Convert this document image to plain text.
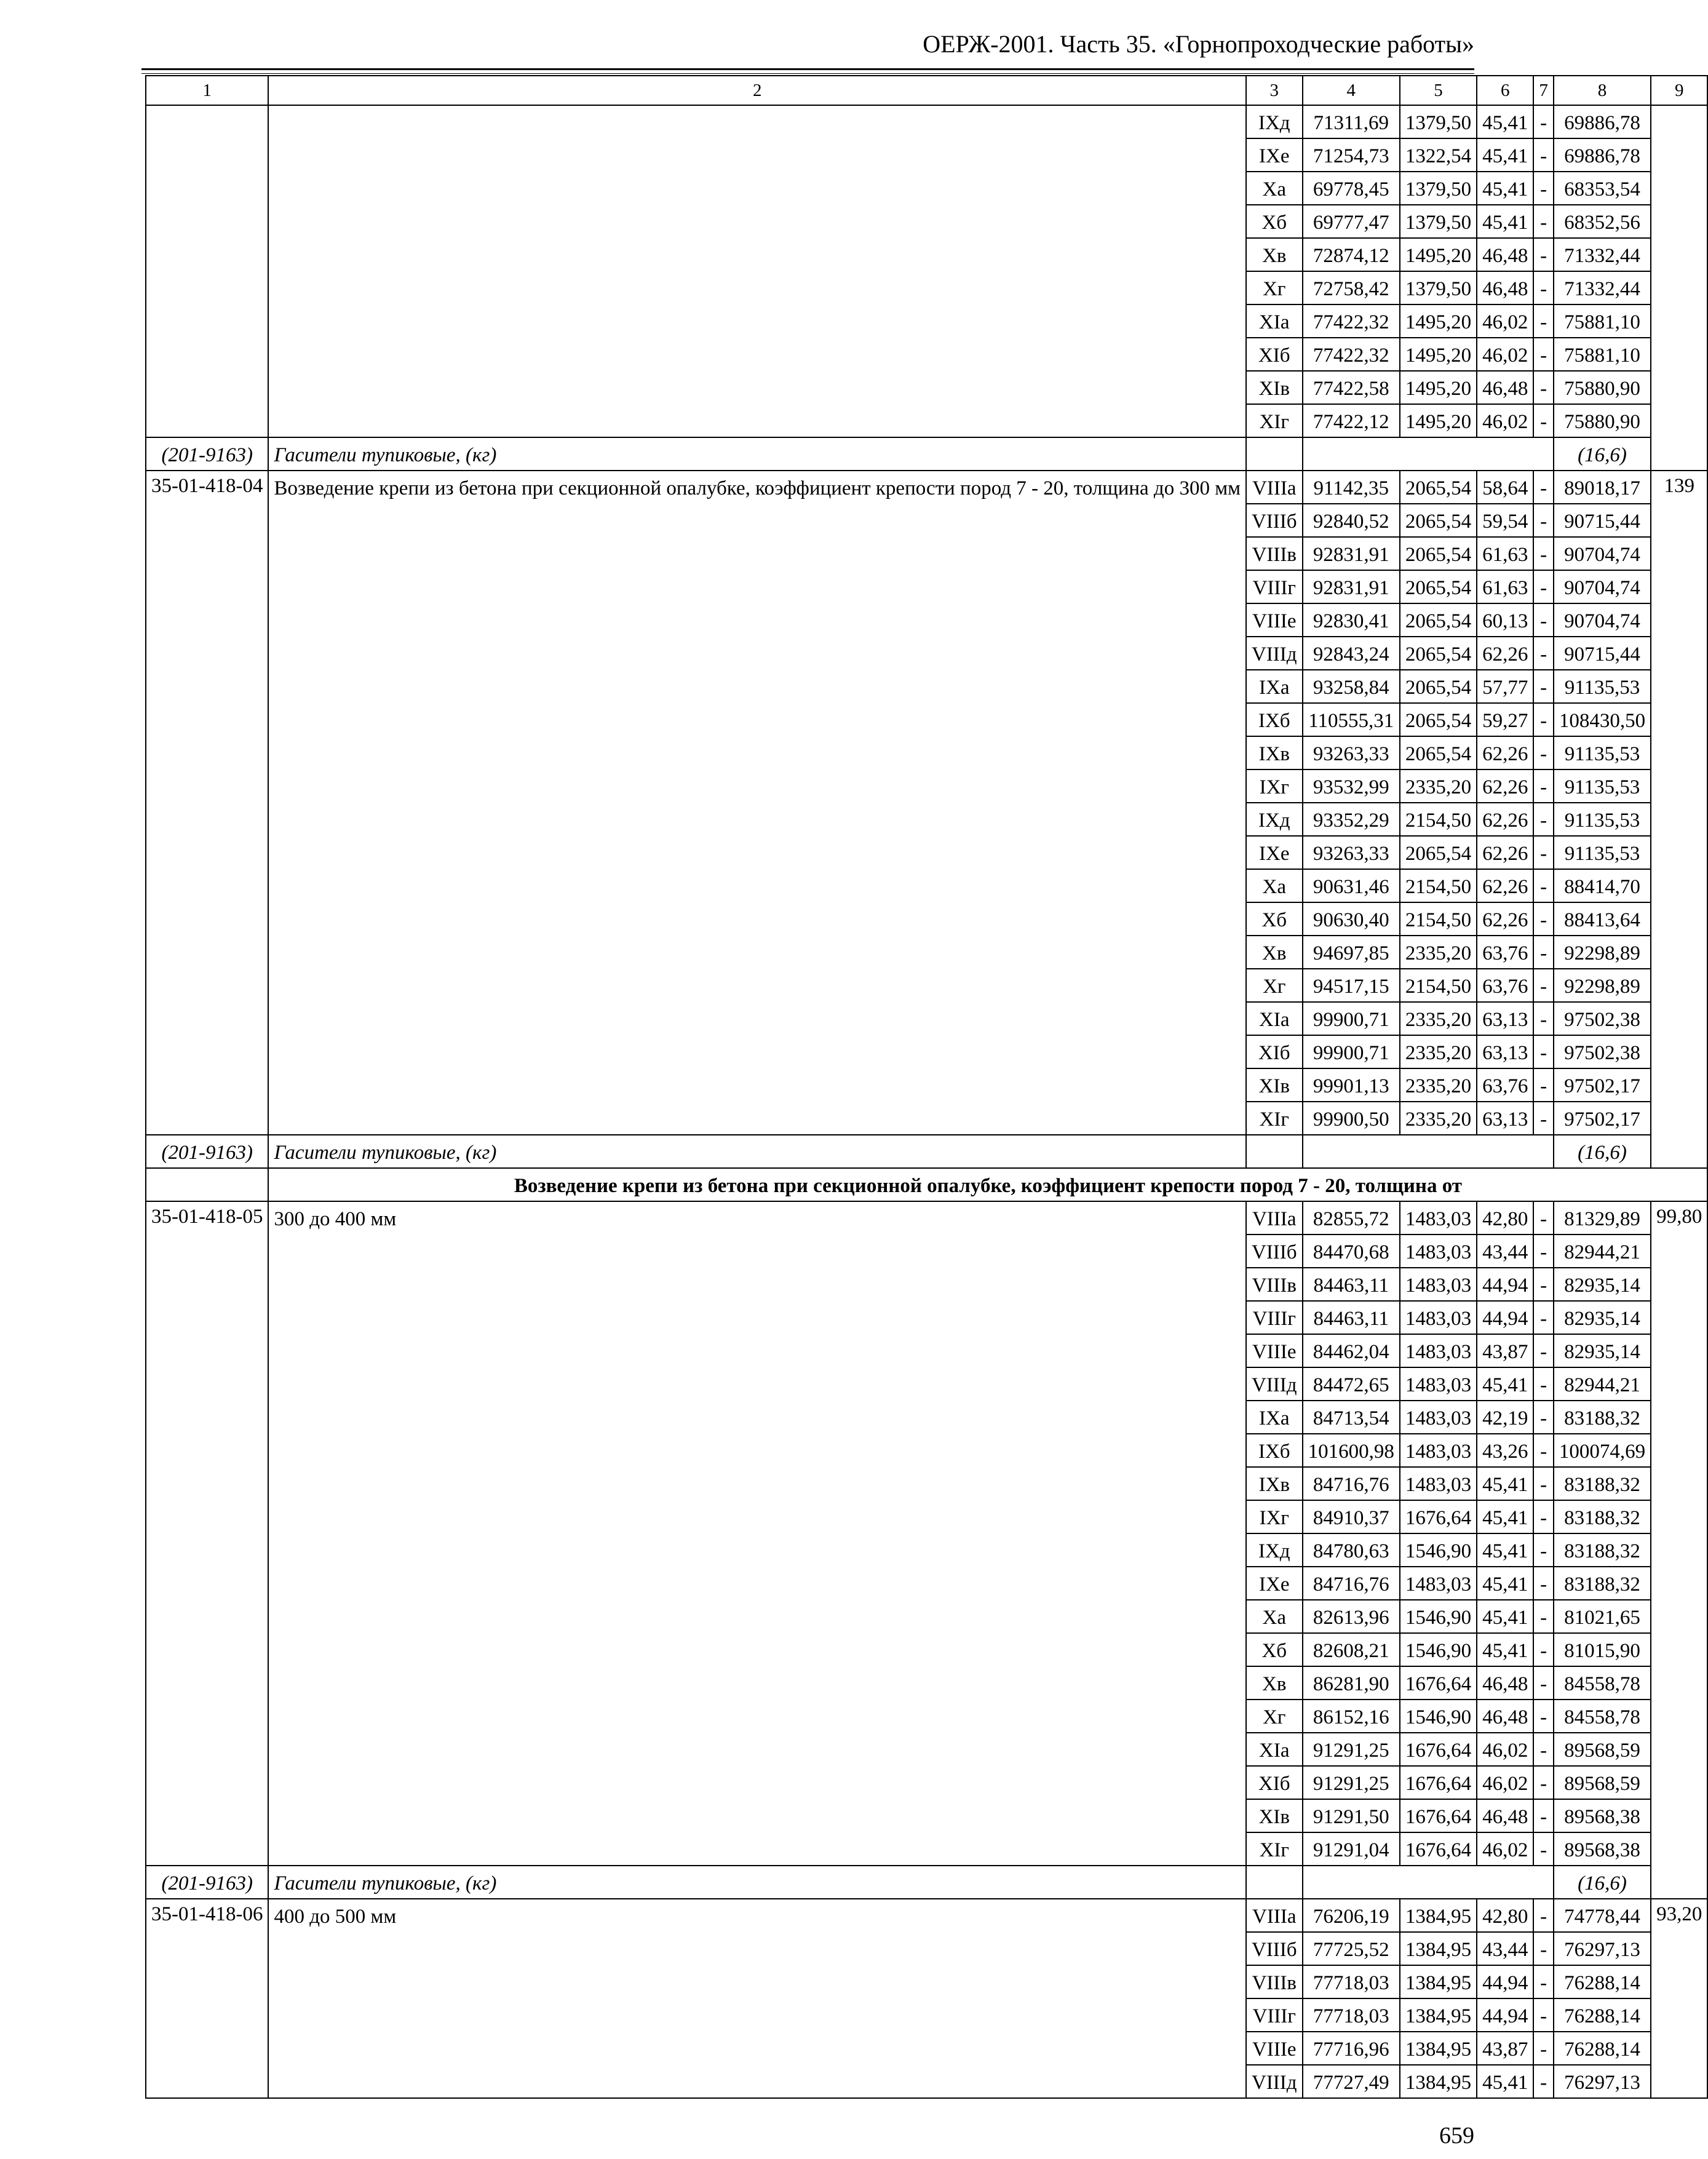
ОЕРЖ-2001. Часть 35. «Горнопроходческие работы»
1	2	3	4	5	6	7	8	9
		IXд	71311,69	1379,50	45,41	-	69886,78	
		IXе	71254,73	1322,54	45,41	-	69886,78	
		Xа	69778,45	1379,50	45,41	-	68353,54	
		Xб	69777,47	1379,50	45,41	-	68352,56	
		Xв	72874,12	1495,20	46,48	-	71332,44	
		Xг	72758,42	1379,50	46,48	-	71332,44	
		XIа	77422,32	1495,20	46,02	-	75881,10	
		XIб	77422,32	1495,20	46,02	-	75881,10	
		XIв	77422,58	1495,20	46,48	-	75880,90	
		XIг	77422,12	1495,20	46,02	-	75880,90	
(201-9163)	Гасители тупиковые, (кг)						(16,6)	
35-01-418-04	Возведение крепи из бетона при секционной опалубке, коэффициент крепости пород 7 - 20, толщина до 300 мм	VIIIа	91142,35	2065,54	58,64	-	89018,17	139
		VIIIб	92840,52	2065,54	59,54	-	90715,44	
		VIIIв	92831,91	2065,54	61,63	-	90704,74	
		VIIIг	92831,91	2065,54	61,63	-	90704,74	
		VIIIе	92830,41	2065,54	60,13	-	90704,74	
		VIIIд	92843,24	2065,54	62,26	-	90715,44	
		IXа	93258,84	2065,54	57,77	-	91135,53	
		IXб	110555,31	2065,54	59,27	-	108430,50	
		IXв	93263,33	2065,54	62,26	-	91135,53	
		IXг	93532,99	2335,20	62,26	-	91135,53	
		IXд	93352,29	2154,50	62,26	-	91135,53	
		IXе	93263,33	2065,54	62,26	-	91135,53	
		Xа	90631,46	2154,50	62,26	-	88414,70	
		Xб	90630,40	2154,50	62,26	-	88413,64	
		Xв	94697,85	2335,20	63,76	-	92298,89	
		Xг	94517,15	2154,50	63,76	-	92298,89	
		XIа	99900,71	2335,20	63,13	-	97502,38	
		XIб	99900,71	2335,20	63,13	-	97502,38	
		XIв	99901,13	2335,20	63,76	-	97502,17	
		XIг	99900,50	2335,20	63,13	-	97502,17	
(201-9163)	Гасители тупиковые, (кг)						(16,6)	
	Возведение крепи из бетона при секционной опалубке, коэффициент крепости пород 7 - 20, толщина от							
35-01-418-05	300 до 400 мм	VIIIа	82855,72	1483,03	42,80	-	81329,89	99,80
		VIIIб	84470,68	1483,03	43,44	-	82944,21	
		VIIIв	84463,11	1483,03	44,94	-	82935,14	
		VIIIг	84463,11	1483,03	44,94	-	82935,14	
		VIIIе	84462,04	1483,03	43,87	-	82935,14	
		VIIIд	84472,65	1483,03	45,41	-	82944,21	
		IXа	84713,54	1483,03	42,19	-	83188,32	
		IXб	101600,98	1483,03	43,26	-	100074,69	
		IXв	84716,76	1483,03	45,41	-	83188,32	
		IXг	84910,37	1676,64	45,41	-	83188,32	
		IXд	84780,63	1546,90	45,41	-	83188,32	
		IXе	84716,76	1483,03	45,41	-	83188,32	
		Xа	82613,96	1546,90	45,41	-	81021,65	
		Xб	82608,21	1546,90	45,41	-	81015,90	
		Xв	86281,90	1676,64	46,48	-	84558,78	
		Xг	86152,16	1546,90	46,48	-	84558,78	
		XIа	91291,25	1676,64	46,02	-	89568,59	
		XIб	91291,25	1676,64	46,02	-	89568,59	
		XIв	91291,50	1676,64	46,48	-	89568,38	
		XIг	91291,04	1676,64	46,02	-	89568,38	
(201-9163)	Гасители тупиковые, (кг)						(16,6)	
35-01-418-06	400 до 500 мм	VIIIа	76206,19	1384,95	42,80	-	74778,44	93,20
		VIIIб	77725,52	1384,95	43,44	-	76297,13	
		VIIIв	77718,03	1384,95	44,94	-	76288,14	
		VIIIг	77718,03	1384,95	44,94	-	76288,14	
		VIIIе	77716,96	1384,95	43,87	-	76288,14	
		VIIIд	77727,49	1384,95	45,41	-	76297,13	
659
